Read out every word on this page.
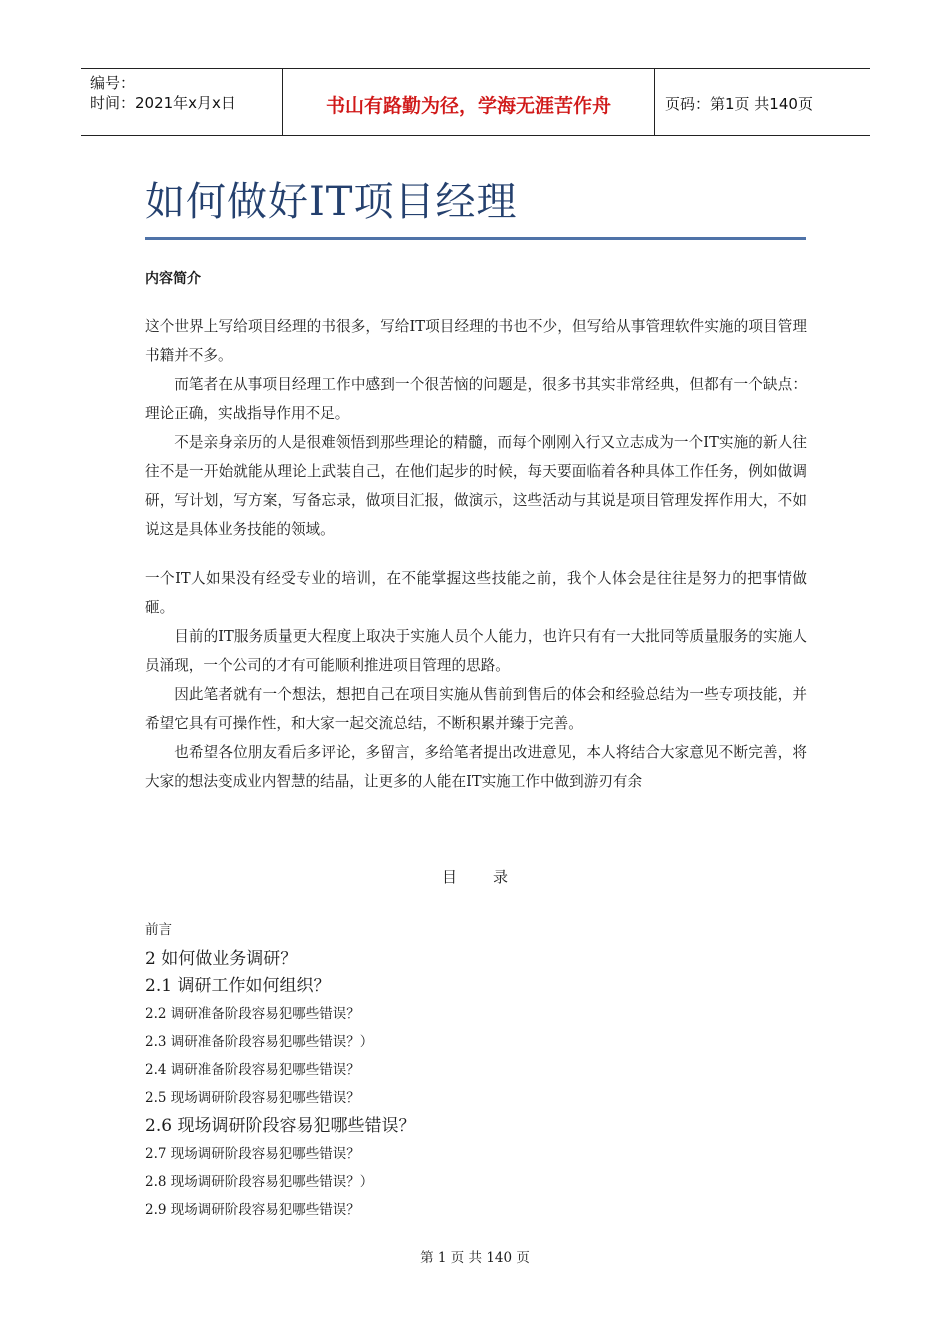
编号：
时间：2021年x月x日	书山有路勤为径，学海无涯苦作舟	页码：第1页 共140页
如何做好IT项目经理
内容简介

这个世界上写给项目经理的书很多，写给IT项目经理的书也不少，但写给从事管理软件实施的项目管理书籍并不多。

而笔者在从事项目经理工作中感到一个很苦恼的问题是，很多书其实非常经典，但都有一个缺点：理论正确，实战指导作用不足。

不是亲身亲历的人是很难领悟到那些理论的精髓，而每个刚刚入行又立志成为一个IT实施的新人往往不是一开始就能从理论上武装自己，在他们起步的时候，每天要面临着各种具体工作任务，例如做调研，写计划，写方案，写备忘录，做项目汇报，做演示，这些活动与其说是项目管理发挥作用大，不如说这是具体业务技能的领域。

一个IT人如果没有经受专业的培训，在不能掌握这些技能之前，我个人体会是往往是努力的把事情做砸。

目前的IT服务质量更大程度上取决于实施人员个人能力，也许只有有一大批同等质量服务的实施人员涌现，一个公司的才有可能顺利推进项目管理的思路。

因此笔者就有一个想法，想把自己在项目实施从售前到售后的体会和经验总结为一些专项技能，并希望它具有可操作性，和大家一起交流总结，不断积累并臻于完善。

也希望各位朋友看后多评论，多留言，多给笔者提出改进意见，本人将结合大家意见不断完善，将大家的想法变成业内智慧的结晶，让更多的人能在IT实施工作中做到游刃有余

目录
前言
2 如何做业务调研？
2.1 调研工作如何组织？
2.2 调研准备阶段容易犯哪些错误？
2.3 调研准备阶段容易犯哪些错误？）
2.4 调研准备阶段容易犯哪些错误？
2.5 现场调研阶段容易犯哪些错误？
2.6 现场调研阶段容易犯哪些错误？
2.7 现场调研阶段容易犯哪些错误？
2.8 现场调研阶段容易犯哪些错误？）
2.9 现场调研阶段容易犯哪些错误？
第 1 页 共 140 页
